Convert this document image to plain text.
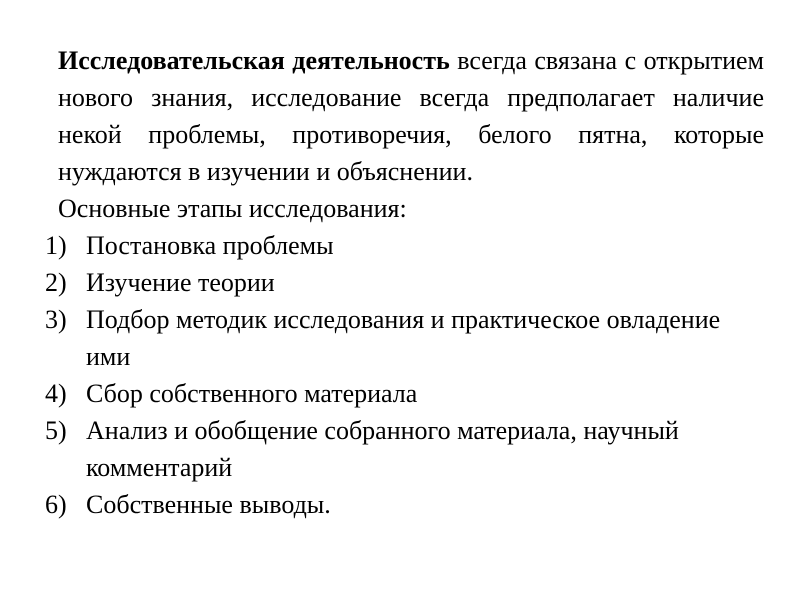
Исследовательская деятельность всегда связана с открытием нового знания, исследование всегда предполагает наличие некой проблемы, противоречия, белого пятна, которые нуждаются в изучении и объяснении.

Основные этапы исследования:

1) Постановка проблемы
2) Изучение теории
3) Подбор методик исследования и практическое овладение ими
4) Сбор собственного материала
5) Анализ и обобщение собранного материала, научный комментарий
6) Собственные выводы.
